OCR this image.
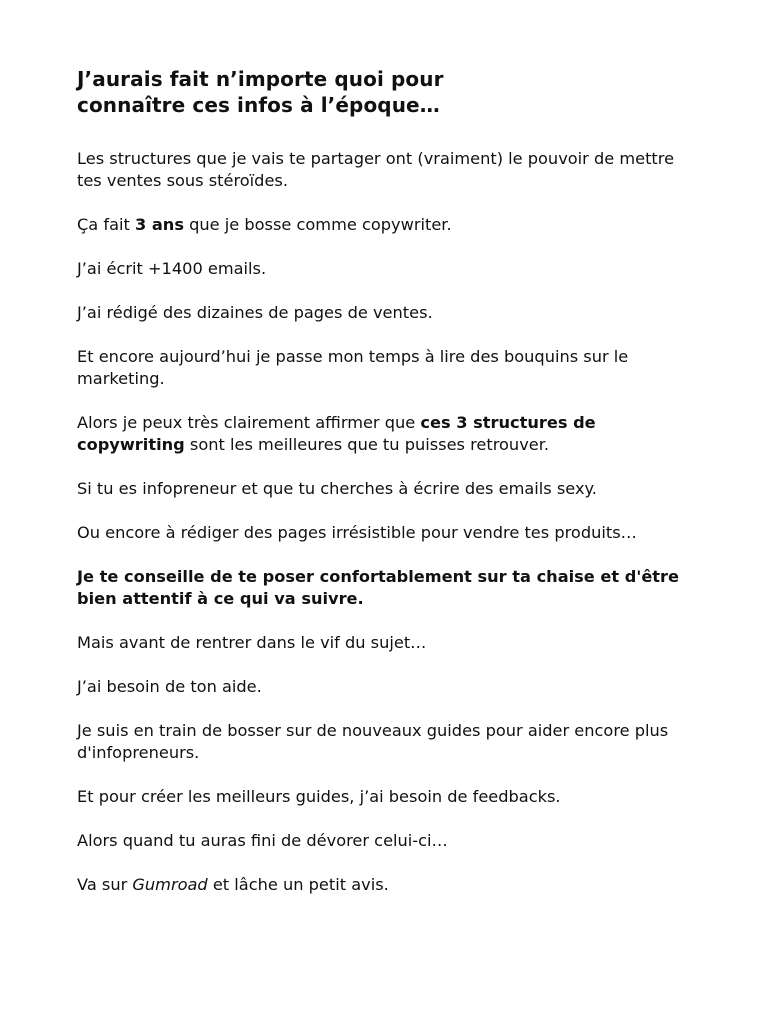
J’aurais fait n’importe quoi pour
connaître ces infos à l’époque…

Les structures que je vais te partager ont (vraiment) le pouvoir de mettre tes ventes sous stéroïdes.

Ça fait 3 ans que je bosse comme copywriter.

J’ai écrit +1400 emails.

J’ai rédigé des dizaines de pages de ventes.

Et encore aujourd’hui je passe mon temps à lire des bouquins sur le marketing.

Alors je peux très clairement affirmer que ces 3 structures de copywriting sont les meilleures que tu puisses retrouver.

Si tu es infopreneur et que tu cherches à écrire des emails sexy.

Ou encore à rédiger des pages irrésistible pour vendre tes produits…

Je te conseille de te poser confortablement sur ta chaise et d'être bien attentif à ce qui va suivre.

Mais avant de rentrer dans le vif du sujet…

J’ai besoin de ton aide.

Je suis en train de bosser sur de nouveaux guides pour aider encore plus d'infopreneurs.

Et pour créer les meilleurs guides, j’ai besoin de feedbacks.

Alors quand tu auras fini de dévorer celui-ci…

Va sur Gumroad et lâche un petit avis.
